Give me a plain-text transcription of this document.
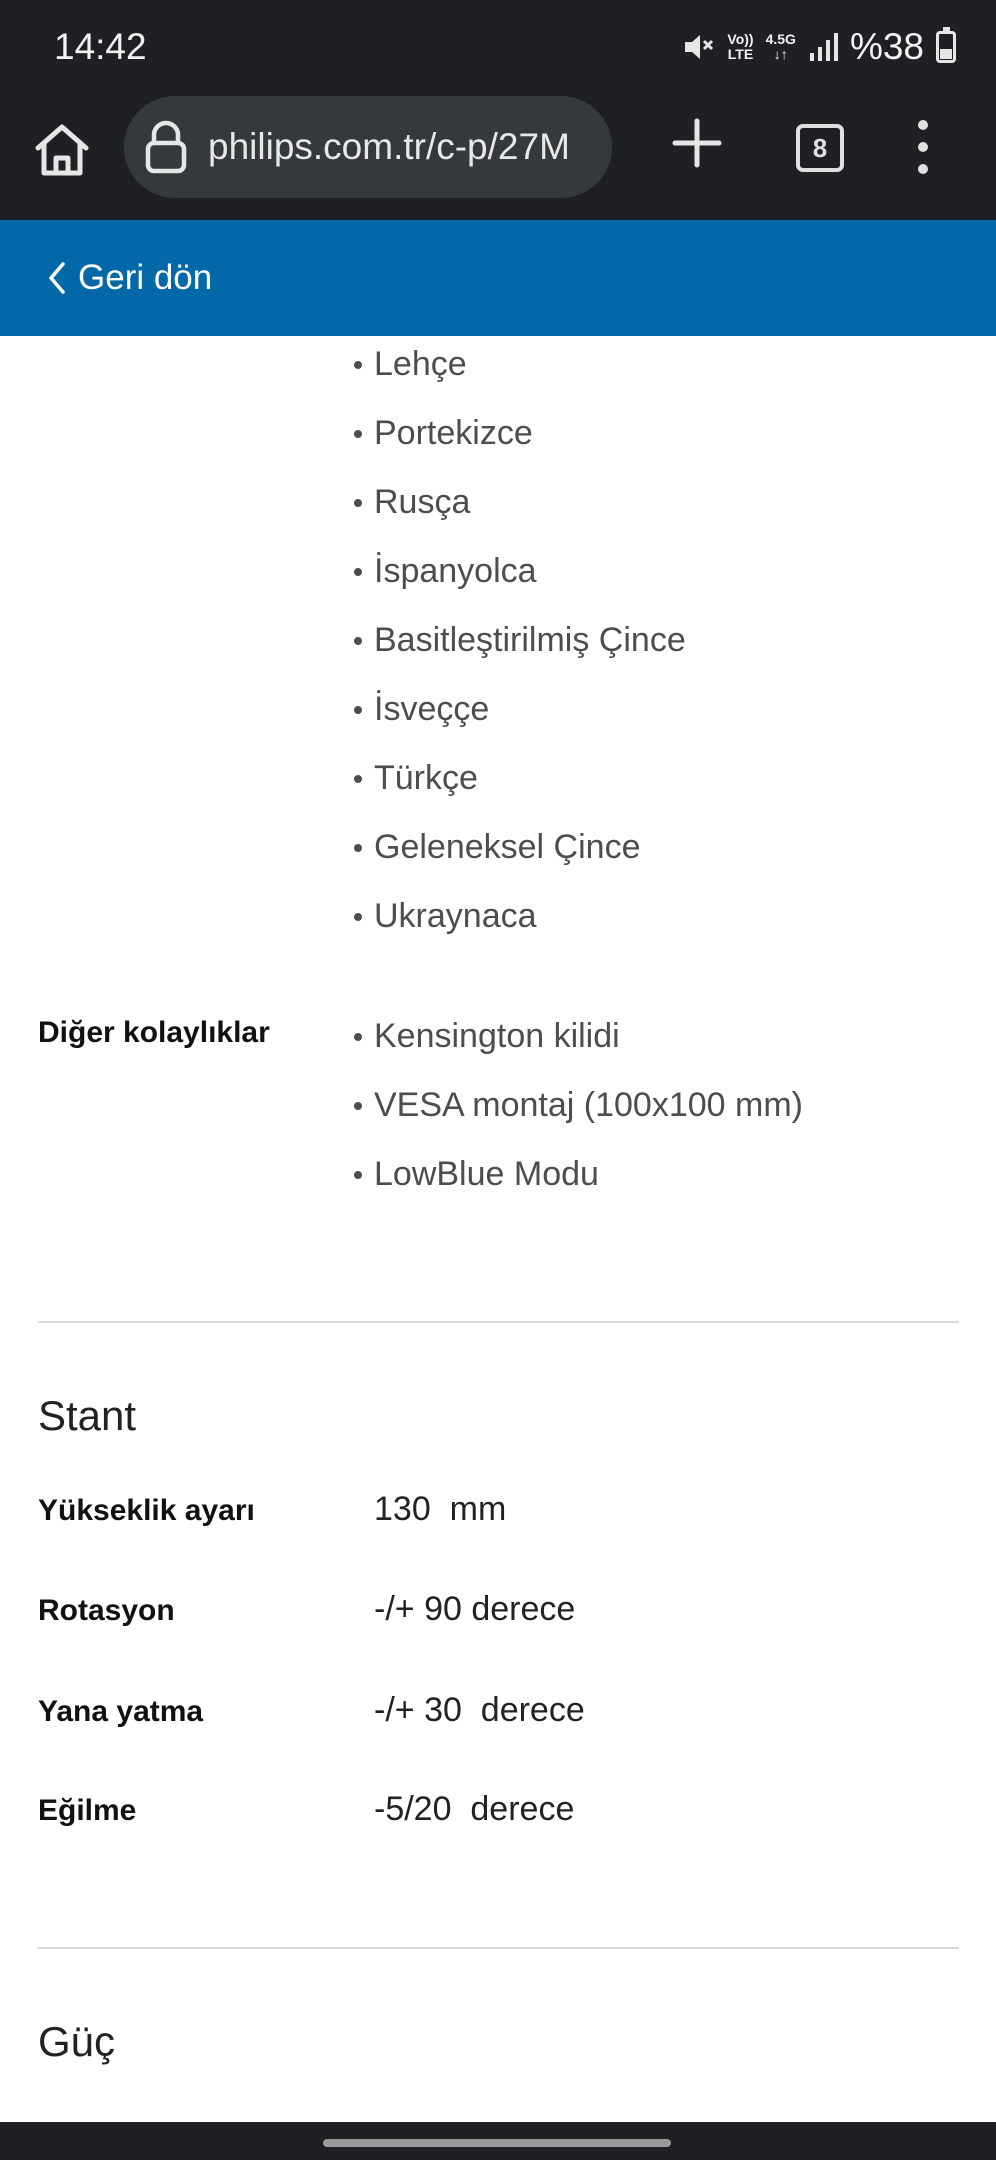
14:42	Vo))
LTE
4.5G
↓↑ %38
philips.com.tr/c-p/27M	8
Geri dön
Lehçe
Portekizce
Rusça
İspanyolca
Basitleştirilmiş Çince
İsveççe
Türkçe
Geleneksel Çince
Ukraynaca
Diğer kolaylıklar	Kensington kilidi
VESA montaj (100x100 mm)
LowBlue Modu
Stant
Yükseklik ayarı	130  mm
Rotasyon	-/+ 90 derece
Yana yatma	-/+ 30  derece
Eğilme	-5/20  derece
Güç
